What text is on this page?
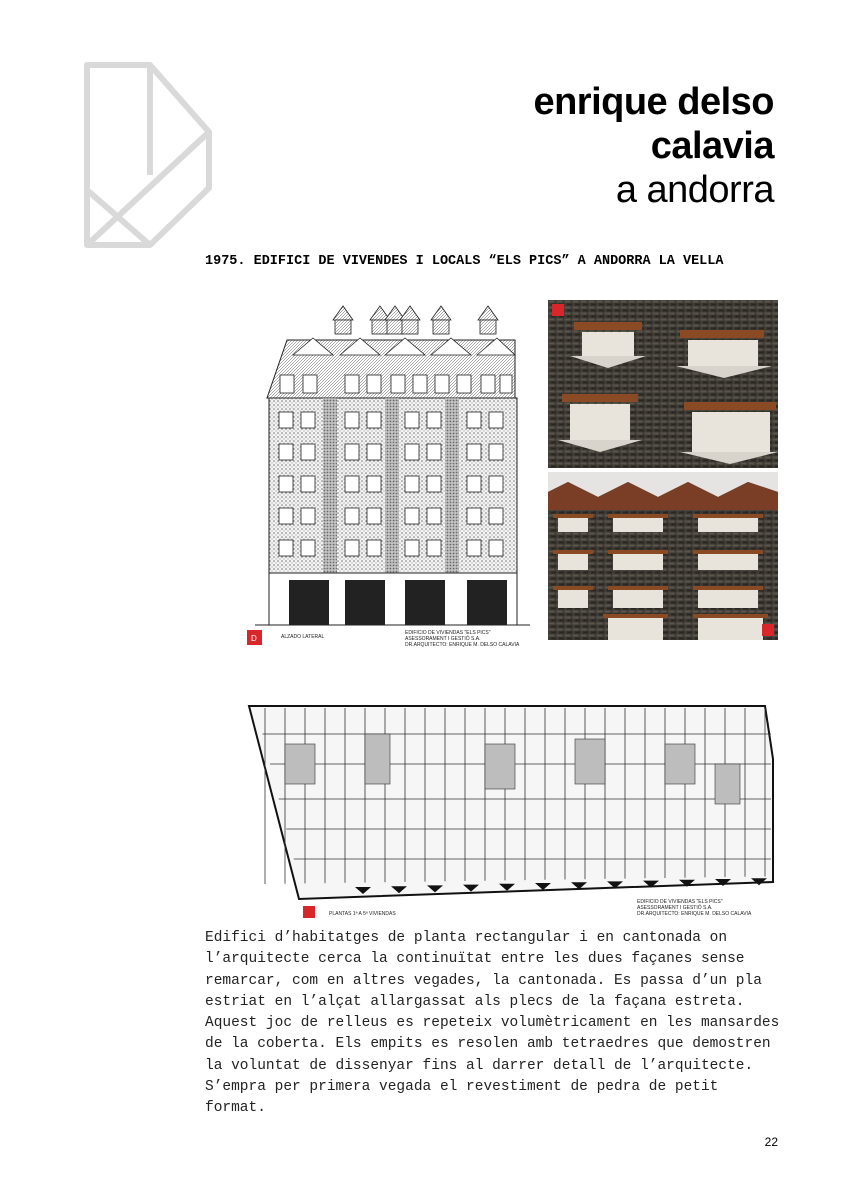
enrique delso
calavia
a andorra
1975. EDIFICI DE VIVENDES I LOCALS “ELS PICS” A ANDORRA LA VELLA
D	ALZADO LATERAL
EDIFICIO DE VIVIENDAS "ELS PICS"
ASESSORAMENT I GESTIÓ S.A.
DR.ARQUITECTO: ENRIQUE M. DELSO CALAVIA
PLANTAS 1ª A 5ª VIVIENDAS
EDIFICIO DE VIVIENDAS "ELS PICS"
ASESSORAMENT I GESTIÓ S.A.
DR.ARQUITECTO: ENRIQUE M. DELSO CALAVIA
Edifici d’habitatges de planta rectangular i en cantonada on l’arquitecte cerca la continuïtat entre les dues façanes sense remarcar, com en altres vegades, la cantonada. Es passa d’un pla estriat en l’alçat allargassat als plecs de la façana estreta. Aquest joc de relleus es repeteix volumètricament en les mansardes de la coberta. Els empits es resolen amb tetraedres que demostren la voluntat de dissenyar fins al darrer detall de l’arquitecte. S’empra per primera vegada el revestiment de pedra de petit format.
22
